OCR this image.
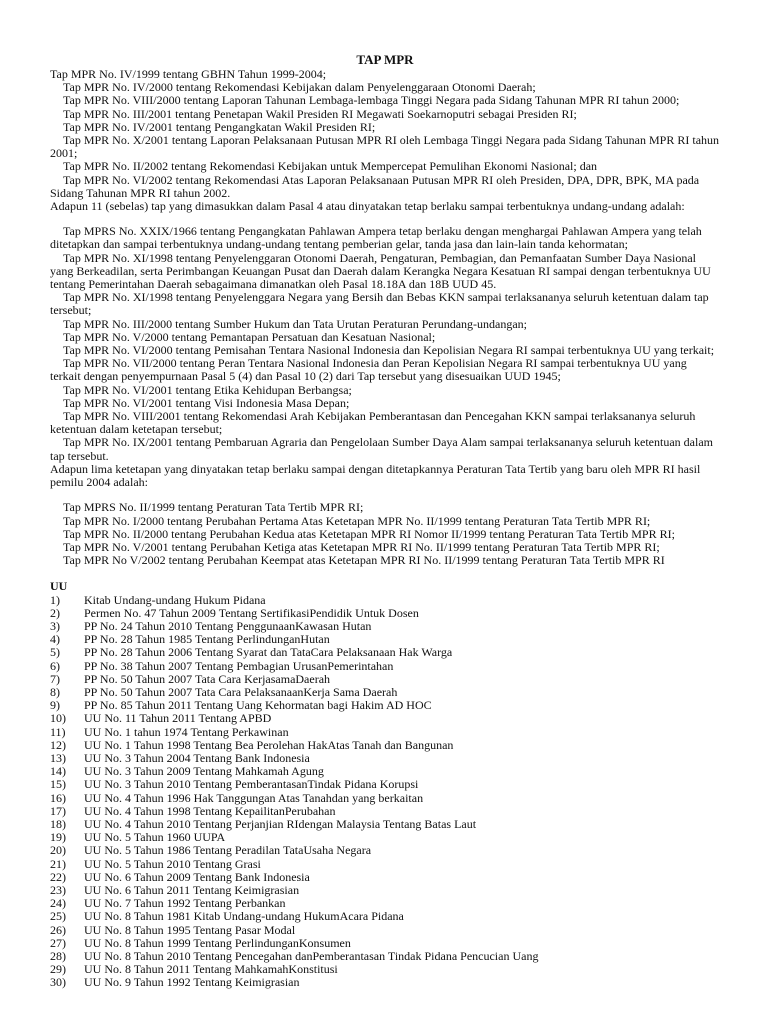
TAP MPR

Tap MPR No. IV/1999 tentang GBHN Tahun 1999-2004;

Tap MPR No. IV/2000 tentang Rekomendasi Kebijakan dalam Penyelenggaraan Otonomi Daerah;

Tap MPR No. VIII/2000 tentang Laporan Tahunan Lembaga-lembaga Tinggi Negara pada Sidang Tahunan MPR RI tahun 2000;

Tap MPR No. III/2001 tentang Penetapan Wakil Presiden RI Megawati Soekarnoputri sebagai Presiden RI;

Tap MPR No. IV/2001 tentang Pengangkatan Wakil Presiden RI;

Tap MPR No. X/2001 tentang Laporan Pelaksanaan Putusan MPR RI oleh Lembaga Tinggi Negara pada Sidang Tahunan MPR RI tahun 2001;

Tap MPR No. II/2002 tentang Rekomendasi Kebijakan untuk Mempercepat Pemulihan Ekonomi Nasional; dan

Tap MPR No. VI/2002 tentang Rekomendasi Atas Laporan Pelaksanaan Putusan MPR RI oleh Presiden, DPA, DPR, BPK, MA pada Sidang Tahunan MPR RI tahun 2002.

Adapun 11 (sebelas) tap yang dimasukkan dalam Pasal 4 atau dinyatakan tetap berlaku sampai terbentuknya undang-undang adalah:

Tap MPRS No. XXIX/1966 tentang Pengangkatan Pahlawan Ampera tetap berlaku dengan menghargai Pahlawan Ampera yang telah ditetapkan dan sampai terbentuknya undang-undang tentang pemberian gelar, tanda jasa dan lain-lain tanda kehormatan;

Tap MPR No. XI/1998 tentang Penyelenggaran Otonomi Daerah, Pengaturan, Pembagian, dan Pemanfaatan Sumber Daya Nasional yang Berkeadilan, serta Perimbangan Keuangan Pusat dan Daerah dalam Kerangka Negara Kesatuan RI sampai dengan terbentuknya UU tentang Pemerintahan Daerah sebagaimana dimanatkan oleh Pasal 18.18A dan 18B UUD 45.

Tap MPR No. XI/1998 tentang Penyelenggara Negara yang Bersih dan Bebas KKN sampai terlaksananya seluruh ketentuan dalam tap tersebut;

Tap MPR No. III/2000 tentang Sumber Hukum dan Tata Urutan Peraturan Perundang-undangan;

Tap MPR No. V/2000 tentang Pemantapan Persatuan dan Kesatuan Nasional;

Tap MPR No. VI/2000 tentang Pemisahan Tentara Nasional Indonesia dan Kepolisian Negara RI sampai terbentuknya UU yang terkait;

Tap MPR No. VII/2000 tentang Peran Tentara Nasional Indonesia dan Peran Kepolisian Negara RI sampai terbentuknya UU yang terkait dengan penyempurnaan Pasal 5 (4) dan Pasal 10 (2) dari Tap tersebut yang disesuaikan UUD 1945;

Tap MPR No. VI/2001 tentang Etika Kehidupan Berbangsa;

Tap MPR No. VI/2001 tentang Visi Indonesia Masa Depan;

Tap MPR No. VIII/2001 tentang Rekomendasi Arah Kebijakan Pemberantasan dan Pencegahan KKN sampai terlaksananya seluruh ketentuan dalam ketetapan tersebut;

Tap MPR No. IX/2001 tentang Pembaruan Agraria dan Pengelolaan Sumber Daya Alam sampai terlaksananya seluruh ketentuan dalam tap tersebut.

Adapun lima ketetapan yang dinyatakan tetap berlaku sampai dengan ditetapkannya Peraturan Tata Tertib yang baru oleh MPR RI hasil pemilu 2004 adalah:

Tap MPRS No. II/1999 tentang Peraturan Tata Tertib MPR RI;

Tap MPR No. I/2000 tentang Perubahan Pertama Atas Ketetapan MPR No. II/1999 tentang Peraturan Tata Tertib MPR RI;

Tap MPR No. II/2000 tentang Perubahan Kedua atas Ketetapan MPR RI Nomor II/1999 tentang Peraturan Tata Tertib MPR RI;

Tap MPR No. V/2001 tentang Perubahan Ketiga atas Ketetapan MPR RI No. II/1999 tentang Peraturan Tata Tertib MPR RI;

Tap MPR No V/2002 tentang Perubahan Keempat atas Ketetapan MPR RI No. II/1999 tentang Peraturan Tata Tertib MPR RI

UU
1)	Kitab Undang-undang Hukum Pidana
2)	Permen No. 47 Tahun 2009 Tentang SertifikasiPendidik Untuk Dosen
3)	PP No. 24 Tahun 2010 Tentang PenggunaanKawasan Hutan
4)	PP No. 28 Tahun 1985 Tentang PerlindunganHutan
5)	PP No. 28 Tahun 2006 Tentang Syarat dan TataCara Pelaksanaan Hak Warga
6)	PP No. 38 Tahun 2007 Tentang Pembagian UrusanPemerintahan
7)	PP No. 50 Tahun 2007 Tata Cara KerjasamaDaerah
8)	PP No. 50 Tahun 2007 Tata Cara PelaksanaanKerja Sama Daerah
9)	PP No. 85 Tahun 2011 Tentang Uang Kehormatan bagi Hakim AD HOC
10)	UU No. 11 Tahun 2011 Tentang APBD
11)	UU No. 1 tahun 1974 Tentang Perkawinan
12)	UU No. 1 Tahun 1998 Tentang Bea Perolehan HakAtas Tanah dan Bangunan
13)	UU No. 3 Tahun 2004 Tentang Bank Indonesia
14)	UU No. 3 Tahun 2009 Tentang Mahkamah Agung
15)	UU No. 3 Tahun 2010 Tentang PemberantasanTindak Pidana Korupsi
16)	UU No. 4 Tahun 1996 Hak Tanggungan Atas Tanahdan yang berkaitan
17)	UU No. 4 Tahun 1998 Tentang KepailitanPerubahan
18)	UU No. 4 Tahun 2010 Tentang Perjanjian RIdengan Malaysia Tentang Batas Laut
19)	UU No. 5 Tahun 1960 UUPA
20)	UU No. 5 Tahun 1986 Tentang Peradilan TataUsaha Negara
21)	UU No. 5 Tahun 2010 Tentang Grasi
22)	UU No. 6 Tahun 2009 Tentang Bank Indonesia
23)	UU No. 6 Tahun 2011 Tentang Keimigrasian
24)	UU No. 7 Tahun 1992 Tentang Perbankan
25)	UU No. 8 Tahun 1981 Kitab Undang-undang HukumAcara Pidana
26)	UU No. 8 Tahun 1995 Tentang Pasar Modal
27)	UU No. 8 Tahun 1999 Tentang PerlindunganKonsumen
28)	UU No. 8 Tahun 2010 Tentang Pencegahan danPemberantasan Tindak Pidana Pencucian Uang
29)	UU No. 8 Tahun 2011 Tentang MahkamahKonstitusi
30)	UU No. 9 Tahun 1992 Tentang Keimigrasian
